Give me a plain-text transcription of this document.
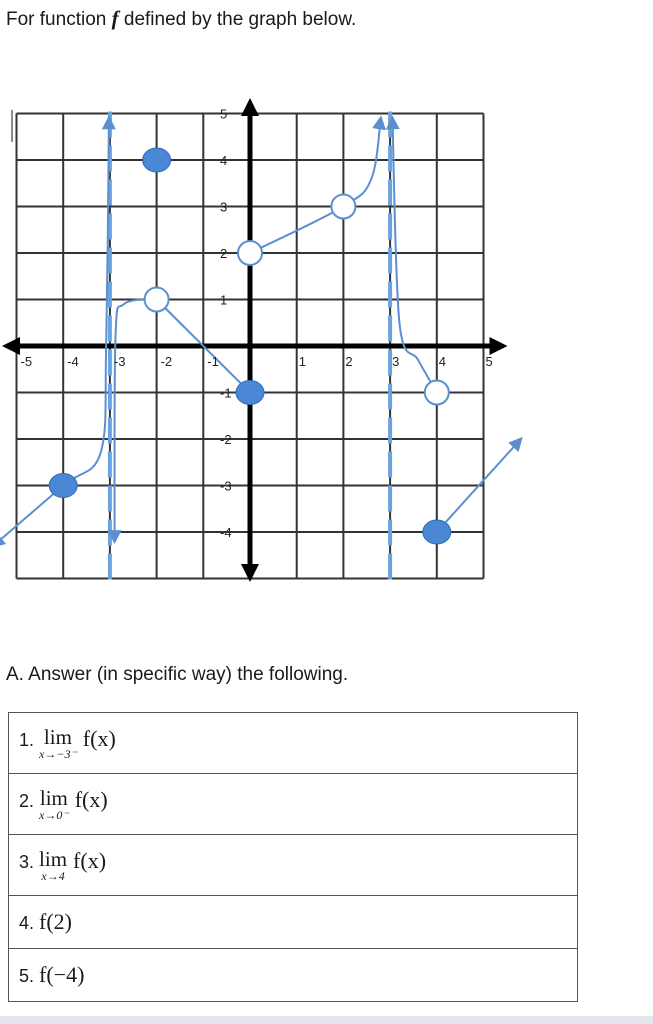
For function f defined by the graph below.
-5	-4	-3	-2	-1	1	2	3	4	5
5
4
3
2
1
-1
-2
-3
-4
A. Answer (in specific way) the following.
1. lim
x→−3⁻
f(x)
2. lim
x→0⁻
f(x)
3. lim
x→4
f(x)
4. f(2)
5. f(−4)
